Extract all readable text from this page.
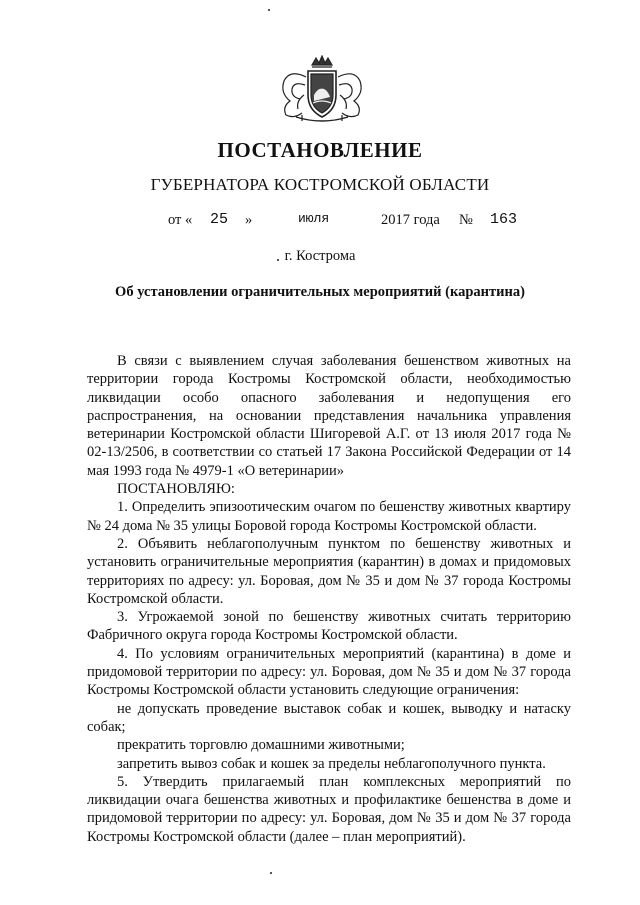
ПОСТАНОВЛЕНИЕ
ГУБЕРНАТОРА КОСТРОМСКОЙ ОБЛАСТИ
от « 25 »	июля	2017 года № 163
г. Кострома
Об установлении ограничительных мероприятий (карантина)

В связи с выявлением случая заболевания бешенством животных на территории города Костромы Костромской области, необходимостью ликвидации особо опасного заболевания и недопущения его распространения, на основании представления начальника управления ветеринарии Костромской области Шигоревой А.Г. от 13 июля 2017 года № 02-13/2506, в соответствии со статьей 17 Закона Российской Федерации от 14 мая 1993 года № 4979-1 «О ветеринарии»

ПОСТАНОВЛЯЮ:

1. Определить эпизоотическим очагом по бешенству животных квартиру № 24 дома № 35 улицы Боровой города Костромы Костромской области.

2. Объявить неблагополучным пунктом по бешенству животных и установить ограничительные мероприятия (карантин) в домах и придомовых территориях по адресу: ул. Боровая, дом № 35 и дом № 37 города Костромы Костромской области.

3. Угрожаемой зоной по бешенству животных считать территорию Фабричного округа города Костромы Костромской области.

4. По условиям ограничительных мероприятий (карантина) в доме и придомовой территории по адресу: ул. Боровая, дом № 35 и дом № 37 города Костромы Костромской области установить следующие ограничения:

не допускать проведение выставок собак и кошек, выводку и натаску собак;

прекратить торговлю домашними животными;

запретить вывоз собак и кошек за пределы неблагополучного пункта.

5. Утвердить прилагаемый план комплексных мероприятий по ликвидации очага бешенства животных и профилактике бешенства в доме и придомовой территории по адресу: ул. Боровая, дом № 35 и дом № 37 города Костромы Костромской области (далее – план мероприятий).
